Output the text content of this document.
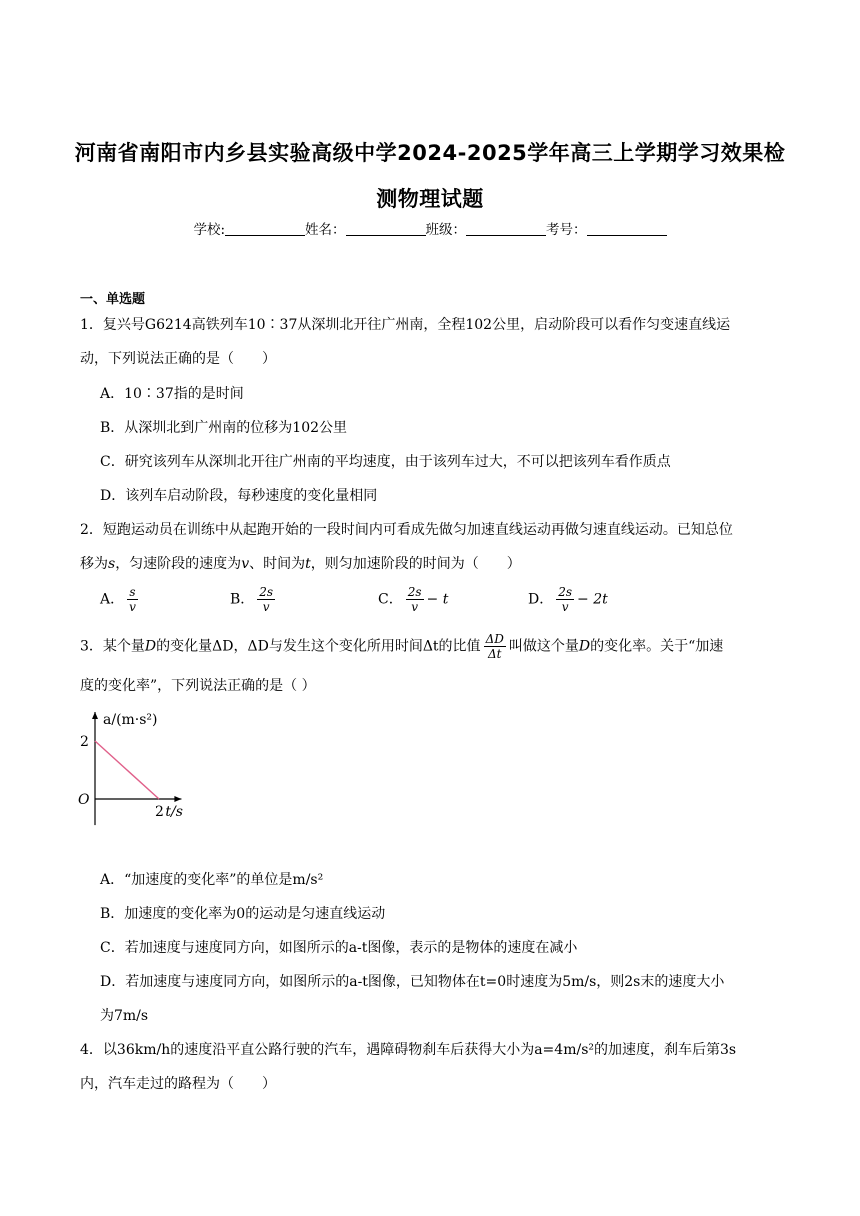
河南省南阳市内乡县实验高级中学2024-2025学年高三上学期学习效果检
测物理试题
学校:	姓名：	班级：	考号：
一、单选题
1．复兴号G6214高铁列车10∶37从深圳北开往广州南，全程102公里，启动阶段可以看作匀变速直线运
动，下列说法正确的是（　　）
A．10∶37指的是时间
B．从深圳北到广州南的位移为102公里
C．研究该列车从深圳北开往广州南的平均速度，由于该列车过大，不可以把该列车看作质点
D．该列车启动阶段，每秒速度的变化量相同
2．短跑运动员在训练中从起跑开始的一段时间内可看成先做匀加速直线运动再做匀速直线运动。已知总位
移为s，匀速阶段的速度为v、时间为t，则匀加速阶段的时间为（　　）
A． $\frac{s}{v}$	B． $\frac{2s}{v}$	C． $\frac{2s}{v} - t$	D． $\frac{2s}{v} - 2t$
3．某个量D的变化量ΔD，ΔD与发生这个变化所用时间Δt的比值 $\frac{\Delta D}{\Delta t}$ 叫做这个量D的变化率。关于“加速
度的变化率”，下列说法正确的是（ ）
a/(m·s²)
t/s
O
2
2
A．“加速度的变化率”的单位是m/s²
B．加速度的变化率为0的运动是匀速直线运动
C．若加速度与速度同方向，如图所示的a-t图像，表示的是物体的速度在减小
D．若加速度与速度同方向，如图所示的a-t图像，已知物体在t=0时速度为5m/s，则2s末的速度大小
为7m/s
4．以36km/h的速度沿平直公路行驶的汽车，遇障碍物刹车后获得大小为a=4m/s²的加速度，刹车后第3s
内，汽车走过的路程为（　　）
